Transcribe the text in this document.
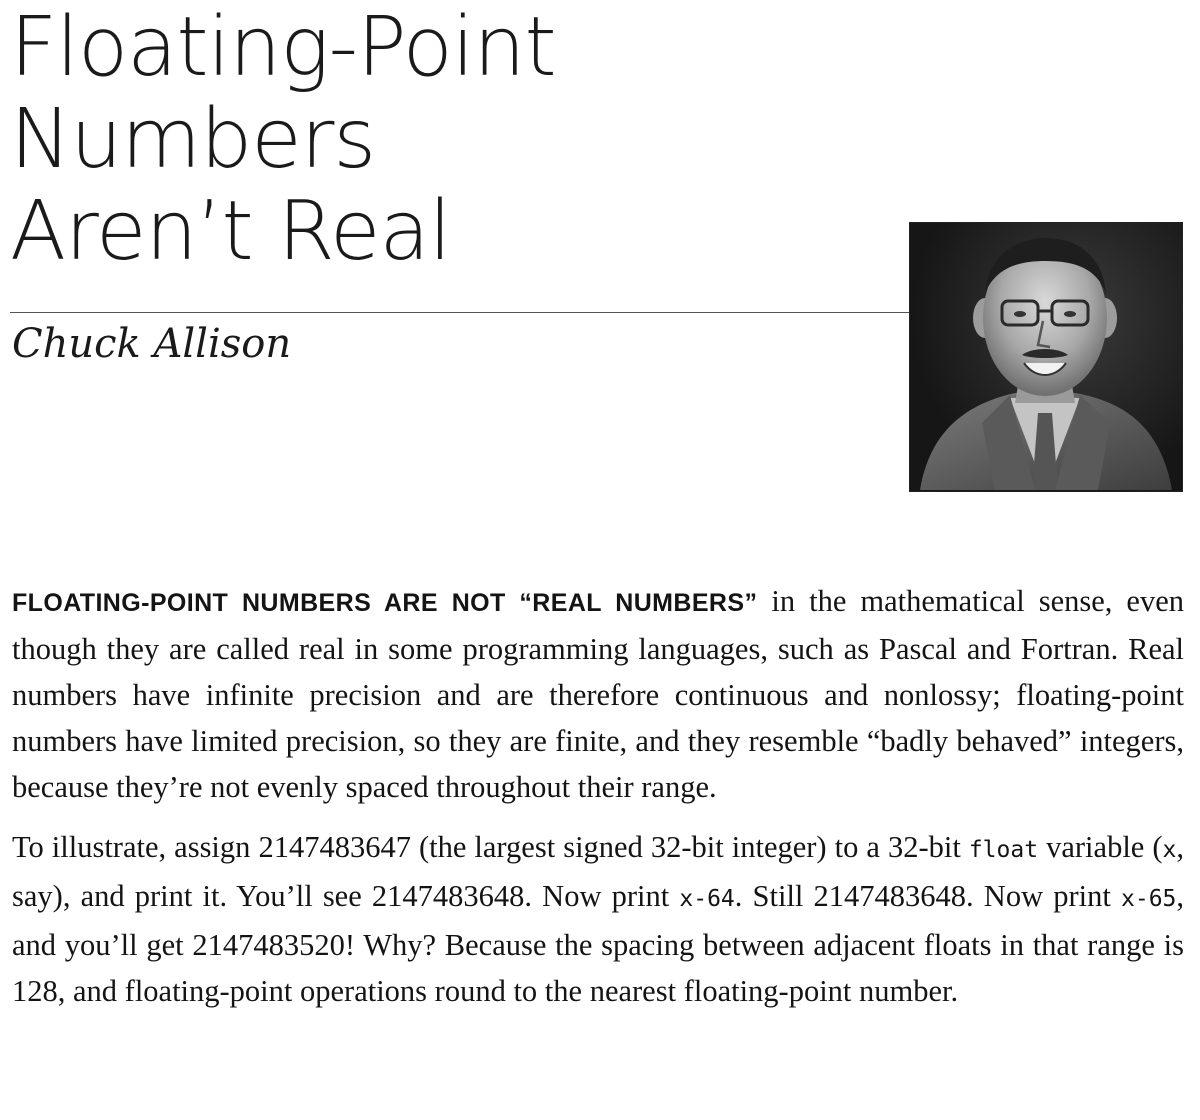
Floating-Point
Numbers
Aren’t Real
Chuck Allison

FLOATING-POINT NUMBERS ARE NOT “REAL NUMBERS” in the mathematical sense, even though they are called real in some programming languages, such as Pascal and Fortran. Real numbers have infinite precision and are therefore continuous and nonlossy; floating-point numbers have limited precision, so they are finite, and they resemble “badly behaved” integers, because they’re not evenly spaced throughout their range.

To illustrate, assign 2147483647 (the largest signed 32-bit integer) to a 32-bit float variable (x, say), and print it. You’ll see 2147483648. Now print x-64. Still 2147483648. Now print x-65, and you’ll get 2147483520! Why? Because the spacing between adjacent floats in that range is 128, and floating-point operations round to the nearest floating-point number.
